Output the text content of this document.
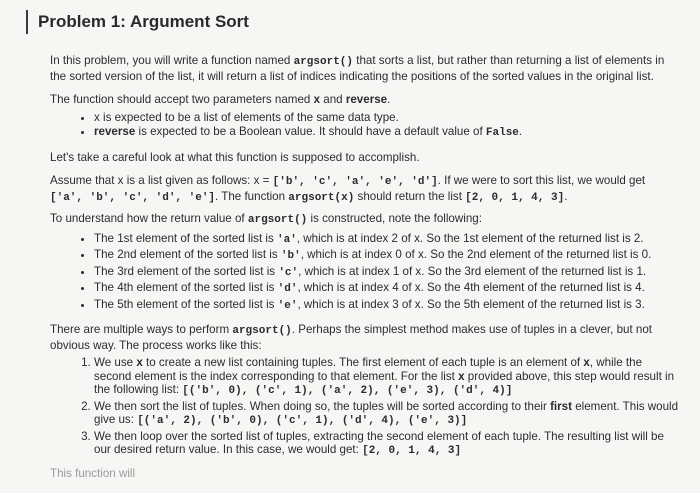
Problem 1: Argument Sort

In this problem, you will write a function named argsort() that sorts a list, but rather than returning a list of elements in the sorted version of the list, it will return a list of indices indicating the positions of the sorted values in the original list.

The function should accept two parameters named x and reverse.

• x is expected to be a list of elements of the same data type.
• reverse is expected to be a Boolean value. It should have a default value of False.

Let's take a careful look at what this function is supposed to accomplish.

Assume that x is a list given as follows: x = ['b', 'c', 'a', 'e', 'd']. If we were to sort this list, we would get ['a', 'b', 'c', 'd', 'e']. The function argsort(x) should return the list [2, 0, 1, 4, 3].

To understand how the return value of argsort() is constructed, note the following:

• The 1st element of the sorted list is 'a', which is at index 2 of x. So the 1st element of the returned list is 2.
• The 2nd element of the sorted list is 'b', which is at index 0 of x. So the 2nd element of the returned list is 0.
• The 3rd element of the sorted list is 'c', which is at index 1 of x. So the 3rd element of the returned list is 1.
• The 4th element of the sorted list is 'd', which is at index 4 of x. So the 4th element of the returned list is 4.
• The 5th element of the sorted list is 'e', which is at index 3 of x. So the 5th element of the returned list is 3.

There are multiple ways to perform argsort(). Perhaps the simplest method makes use of tuples in a clever, but not obvious way. The process works like this:

1. We use x to create a new list containing tuples. The first element of each tuple is an element of x, while the second element is the index corresponding to that element. For the list x provided above, this step would result in the following list: [('b', 0), ('c', 1), ('a', 2), ('e', 3), ('d', 4)]
2. We then sort the list of tuples. When doing so, the tuples will be sorted according to their first element. This would give us: [('a', 2), ('b', 0), ('c', 1), ('d', 4), ('e', 3)]
3. We then loop over the sorted list of tuples, extracting the second element of each tuple. The resulting list will be our desired return value. In this case, we would get: [2, 0, 1, 4, 3]

This function will
